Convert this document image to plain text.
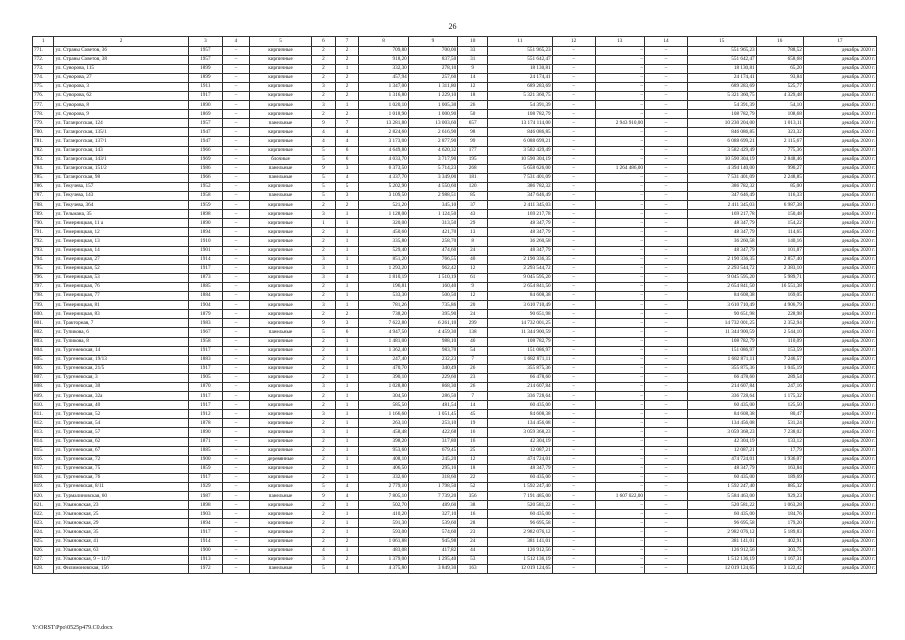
26
1	2	3	4	5	6	7	8	9	10	11	12	13	14	15	16	17
771.	ул. Страны Советов, 36	1957	–	кирпичные	2	2	709,80	700,00	33	551 965,23	–	–	–	551 965,23	788,52	декабрь 2020 г.
772.	ул. Страны Советов, 38	1957	–	кирпичные	2	2	918,20	837,50	31	551 642,47	–	–	–	551 642,47	658,68	декабрь 2020 г.
773.	ул. Суворова, 115	1899	–	кирпичные	2	1	332,30	278,10	9	18 130,81	–	–	–	18 130,81	65,20	декабрь 2020 г.
774.	ул. Суворова, 27	1899	–	кирпичные	2	2	457,94	257,60	14	24 174,41	–	–	–	24 174,41	93,84	декабрь 2020 г.
775.	ул. Суворова, 3	1911	–	кирпичные	3	2	1 347,00	1 311,80	12	689 283,69	–	–	–	689 283,69	525,77	декабрь 2020 г.
776.	ул. Суворова, 62	1917	–	кирпичные	2	2	1 316,80	1 229,10	18	5 321 360,75	–	–	–	5 321 360,75	4 329,48	декабрь 2020 г.
777.	ул. Суворова, 8	1890	–	кирпичные	3	1	1 020,10	1 005,30	26	54 391,39	–	–	–	54 391,39	54,10	декабрь 2020 г.
778.	ул. Суворова, 9	1869	–	кирпичные	2	2	1 018,90	1 000,90	50	108 782,79	–	–	–	108 782,79	108,68	декабрь 2020 г.
779.	ул. Таганрогская, 124	1957	–	панельные	9	7	13 281,80	13 003,60	657	13 174 114,00	–	2 943 910,00	–	10 230 204,00	1 013,11	декабрь 2020 г.
780.	ул. Таганрогская, 135/1	1947	–	кирпичные	4	4	2 824,60	2 616,90	98	846 086,85	–	–	–	846 086,85	323,32	декабрь 2020 г.
781.	ул. Таганрогская, 137/1	1947	–	кирпичные	4	4	3 173,00	2 877,90	99	6 088 699,21	–	–	–	6 088 699,21	2 115,67	декабрь 2020 г.
782.	ул. Таганрогская, 143	1966	–	кирпичные	5	6	4 649,80	4 620,32	177	3 582 429,49	–	–	–	3 582 429,49	775,36	декабрь 2020 г.
783.	ул. Таганрогская, 143/1	1969	–	блочные	5	6	4 033,70	3 717,90	195	10 590 304,19	–	–	–	10 590 304,19	2 848,46	декабрь 2020 г.
784.	ул. Таганрогская, 151/2	1986	–	панельные	9	3	6 373,50	5 714,23	268	5 658 626,00	–	1 264 486,00	–	4 394 140,00	990,27	декабрь 2020 г.
785.	ул. Таганрогская, 98	1966	–	панельные	5	4	4 337,70	3 349,00	181	7 531 401,09	–	–	–	7 531 401,09	2 248,85	декабрь 2020 г.
786.	ул. Текучева, 157	1952	–	кирпичные	5	5	5 202,90	4 550,60	120	386 782,32	–	–	–	386 782,32	85,00	декабрь 2020 г.
787.	ул. Текучева, 143	1958	–	панельные	5	3	3 109,50	2 988,51	85	347 646,49	–	–	–	347 646,49	116,33	декабрь 2020 г.
788.	ул. Текучева, 364	1959	–	кирпичные	2	2	521,20	345,10	37	2 411 345,03	–	–	–	2 411 345,03	6 987,38	декабрь 2020 г.
789.	ул. Тельмана, 35	1898	–	кирпичные	3	1	1 128,00	1 124,50	43	169 217,78	–	–	–	169 217,78	150,48	декабрь 2020 г.
790.	ул. Темерницкая, 11 а	1890	–	кирпичные	1	1	320,00	313,50	29	48 347,79	–	–	–	48 347,79	154,22	декабрь 2020 г.
791.	ул. Темерницкая, 12	1894	–	кирпичные	2	1	450,60	421,70	13	48 347,79	–	–	–	48 347,79	114,65	декабрь 2020 г.
792.	ул. Темерницкая, 13	1910	–	кирпичные	2	1	335,80	258,70	8	36 260,58	–	–	–	36 260,58	140,16	декабрь 2020 г.
793.	ул. Темерницкая, 14	1901	–	кирпичные	2	1	529,40	474,60	24	48 347,79	–	–	–	48 347,79	101,87	декабрь 2020 г.
794.	ул. Темерницкая, 27	1914	–	кирпичные	3	1	851,20	766,55	40	2 190 336,35	–	–	–	2 190 336,35	2 857,40	декабрь 2020 г.
795.	ул. Темерницкая, 52	1917	–	кирпичные	3	1	1 293,20	962,42	12	2 293 544,72	–	–	–	2 293 544,72	2 383,10	декабрь 2020 г.
796.	ул. Темерницкая, 53	1873	–	кирпичные	3	4	1 810,19	1 510,19	61	9 045 595,20	–	–	–	9 045 595,20	5 989,71	декабрь 2020 г.
797.	ул. Темерницкая, 76	1885	–	кирпичные	2	1	196,81	160,40	9	2 654 841,50	–	–	–	2 654 841,50	16 551,38	декабрь 2020 г.
798.	ул. Темерницкая, 77	1884	–	кирпичные	2	1	533,30	500,50	12	84 608,38	–	–	–	84 608,38	169,05	декабрь 2020 г.
799.	ул. Темерницкая, 81	1904	–	кирпичные	3	1	781,26	735,86	20	3 610 710,49	–	–	–	3 610 710,49	4 906,79	декабрь 2020 г.
800.	ул. Темерницкая, 83	1879	–	кирпичные	2	2	738,20	395,90	24	90 651,98	–	–	–	90 651,98	228,98	декабрь 2020 г.
801.	ул. Тракторная, 7	1983	–	кирпичные	9	3	7 622,80	6 261,10	299	14 732 001,25	–	–	–	14 732 001,25	2 352,94	декабрь 2020 г.
802.	ул. Тупикова, 6	1967	–	панельные	5	6	4 947,50	4 459,30	138	11 344 900,59	–	–	–	11 344 900,59	2 544,10	декабрь 2020 г.
803.	ул. Тупикова, 8	1958	–	кирпичные	2	1	1 481,00	988,10	46	108 782,79	–	–	–	108 782,79	110,09	декабрь 2020 г.
804.	ул. Тургеневская, 14	1917	–	кирпичные	2	1	1 362,40	983,70	54	151 086,97	–	–	–	151 086,97	153,59	декабрь 2020 г.
805.	ул. Тургеневская, 19/13	1883	–	кирпичные	2	1	247,40	232,23	7	1 682 871,11	–	–	–	1 682 871,11	7 246,57	декабрь 2020 г.
806.	ул. Тургеневская, 21/5	1917	–	кирпичные	2	1	470,70	340,49	26	355 875,36	–	–	–	355 875,36	1 045,19	декабрь 2020 г.
807.	ул. Тургеневская, 3	1905	–	кирпичные	2	1	390,10	229,60	23	66 478,60	–	–	–	66 478,60	289,54	декабрь 2020 г.
808.	ул. Тургеневская, 30	1870	–	кирпичные	3	1	1 028,80	868,30	26	214 607,84	–	–	–	214 607,84	247,16	декабрь 2020 г.
809.	ул. Тургеневская, 32а	1917	–	кирпичные	2	1	304,50	286,50	7	336 728,64	–	–	–	336 728,64	1 175,32	декабрь 2020 г.
810.	ул. Тургеневская, 40	1917	–	кирпичные	2	1	585,50	481,54	14	60 435,00	–	–	–	60 435,00	125,50	декабрь 2020 г.
811.	ул. Тургеневская, 52	1912	–	кирпичные	3	1	1 166,60	1 051,45	45	84 608,38	–	–	–	84 608,38	80,47	декабрь 2020 г.
812.	ул. Тургеневская, 54	1878	–	кирпичные	2	1	263,10	253,10	19	134 456,08	–	–	–	134 456,08	531,24	декабрь 2020 г.
813.	ул. Тургеневская, 57	1890	–	кирпичные	3	1	458,48	422,68	16	3 059 368,23	–	–	–	3 059 368,23	7 238,02	декабрь 2020 г.
814.	ул. Тургеневская, 62	1871	–	кирпичные	2	1	398,20	317,80	16	42 304,19	–	–	–	42 304,19	133,12	декабрь 2020 г.
815.	ул. Тургеневская, 67	1885	–	кирпичные	2	1	953,60	679,45	25	12 087,21	–	–	–	12 087,21	17,79	декабрь 2020 г.
816.	ул. Тургеневская, 72	1900	–	деревянные	2	1	408,10	245,20	12	474 724,01	–	–	–	474 724,01	1 936,07	декабрь 2020 г.
817.	ул. Тургеневская, 75	1859	–	кирпичные	2	1	406,50	295,10	18	48 347,79	–	–	–	48 347,79	163,84	декабрь 2020 г.
818.	ул. Тургеневская, 76	1917	–	кирпичные	2	1	332,60	318,60	22	60 435,00	–	–	–	60 435,00	189,69	декабрь 2020 г.
819.	ул. Тургеневская, 8/11	1929	–	кирпичные	5	4	2 779,10	1 798,50	52	1 592 247,40	–	–	–	1 592 247,40	885,32	декабрь 2020 г.
820.	ул. Турмалиновская, 60	1987	–	панельные	9	4	7 805,10	7 739,20	356	7 191 485,00	–	1 607 022,00	–	5 584 463,00	929,23	декабрь 2020 г.
821.	ул. Ульяновская, 23	1898	–	кирпичные	2	1	502,70	489,60	38	520 581,22	–	–	–	520 581,22	1 063,28	декабрь 2020 г.
822.	ул. Ульяновская, 25	1903	–	кирпичные	2	1	410,20	327,10	16	60 435,00	–	–	–	60 435,00	184,76	декабрь 2020 г.
823.	ул. Ульяновская, 29	1894	–	кирпичные	2	1	591,30	539,60	28	96 695,58	–	–	–	96 695,58	179,20	декабрь 2020 г.
824.	ул. Ульяновская, 35	1917	–	кирпичные	2	1	593,00	574,60	23	2 982 076,12	–	–	–	2 982 076,12	5 189,83	декабрь 2020 г.
825.	ул. Ульяновская, 41	1914	–	кирпичные	2	2	1 061,88	945,98	24	381 141,01	–	–	–	381 141,01	402,91	декабрь 2020 г.
826.	ул. Ульяновская, 63	1900	–	кирпичные	4	1	483,08	417,82	44	126 912,56	–	–	–	126 912,56	303,75	декабрь 2020 г.
827.	ул. Ульяновская, 9 – 11/7	1913	–	кирпичные	3	2	1 379,00	1 295,40	53	1 512 136,19	–	–	–	1 512 136,19	1 167,31	декабрь 2020 г.
828.	ул. Филимоновская, 156	1972	–	панельные	5	4	4 375,80	3 849,30	163	12 019 124,65	–	–	–	12 019 124,65	3 122,42	декабрь 2020 г.
Y:\ORST\Ppo\0525p479.C0.docx
